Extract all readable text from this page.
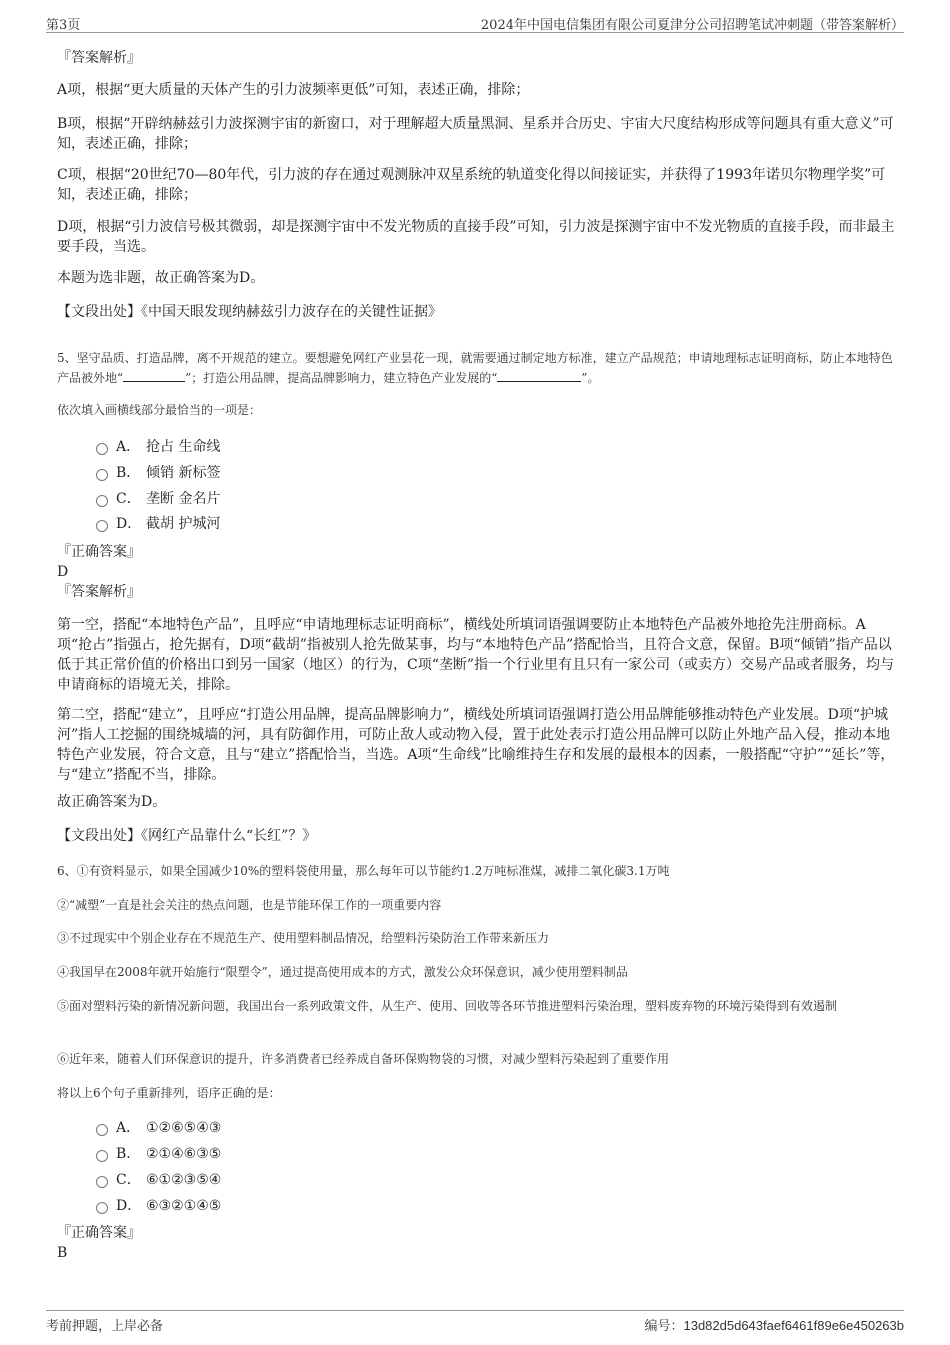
第3页	2024年中国电信集团有限公司夏津分公司招聘笔试冲刺题（带答案解析）

『答案解析』

A项，根据“更大质量的天体产生的引力波频率更低”可知，表述正确，排除；

B项，根据“开辟纳赫兹引力波探测宇宙的新窗口，对于理解超大质量黑洞、星系并合历史、宇宙大尺度结构形成等问题具有重大意义”可知，表述正确，排除；

C项，根据“20世纪70—80年代，引力波的存在通过观测脉冲双星系统的轨道变化得以间接证实，并获得了1993年诺贝尔物理学奖”可知，表述正确，排除；

D项，根据“引力波信号极其微弱，却是探测宇宙中不发光物质的直接手段”可知，引力波是探测宇宙中不发光物质的直接手段，而非最主要手段，当选。

本题为选非题，故正确答案为D。

【文段出处】《中国天眼发现纳赫兹引力波存在的关键性证据》

5、坚守品质、打造品牌，离不开规范的建立。要想避免网红产业昙花一现，就需要通过制定地方标准，建立产品规范；申请地理标志证明商标，防止本地特色产品被外地“	”；打造公用品牌，提高品牌影响力，建立特色产业发展的“	”。

依次填入画横线部分最恰当的一项是：

A． 抢占 生命线
B． 倾销 新标签
C． 垄断 金名片
D． 截胡 护城河

『正确答案』

D

『答案解析』

第一空，搭配“本地特色产品”，且呼应“申请地理标志证明商标”，横线处所填词语强调要防止本地特色产品被外地抢先注册商标。A项“抢占”指强占，抢先据有，D项“截胡”指被别人抢先做某事，均与“本地特色产品”搭配恰当，且符合文意，保留。B项“倾销”指产品以低于其正常价值的价格出口到另一国家（地区）的行为，C项“垄断”指一个行业里有且只有一家公司（或卖方）交易产品或者服务，均与申请商标的语境无关，排除。

第二空，搭配“建立”，且呼应“打造公用品牌，提高品牌影响力”，横线处所填词语强调打造公用品牌能够推动特色产业发展。D项“护城河”指人工挖掘的围绕城墙的河，具有防御作用，可防止敌人或动物入侵，置于此处表示打造公用品牌可以防止外地产品入侵，推动本地特色产业发展，符合文意，且与“建立”搭配恰当，当选。A项“生命线”比喻维持生存和发展的最根本的因素，一般搭配“守护”“延长”等，与“建立”搭配不当，排除。

故正确答案为D。

【文段出处】《网红产品靠什么“长红”？》

6、①有资料显示，如果全国减少10%的塑料袋使用量，那么每年可以节能约1.2万吨标准煤，减排二氧化碳3.1万吨

②“减塑”一直是社会关注的热点问题，也是节能环保工作的一项重要内容

③不过现实中个别企业存在不规范生产、使用塑料制品情况，给塑料污染防治工作带来新压力

④我国早在2008年就开始施行“限塑令”，通过提高使用成本的方式，激发公众环保意识，减少使用塑料制品

⑤面对塑料污染的新情况新问题，我国出台一系列政策文件，从生产、使用、回收等各环节推进塑料污染治理，塑料废弃物的环境污染得到有效遏制

⑥近年来，随着人们环保意识的提升，许多消费者已经养成自备环保购物袋的习惯，对减少塑料污染起到了重要作用

将以上6个句子重新排列，语序正确的是：

A． ①②⑥⑤④③
B． ②①④⑥③⑤
C． ⑥①②③⑤④
D． ⑥③②①④⑤

『正确答案』

B

考前押题，上岸必备	编号：13d82d5d643faef6461f89e6e450263b
